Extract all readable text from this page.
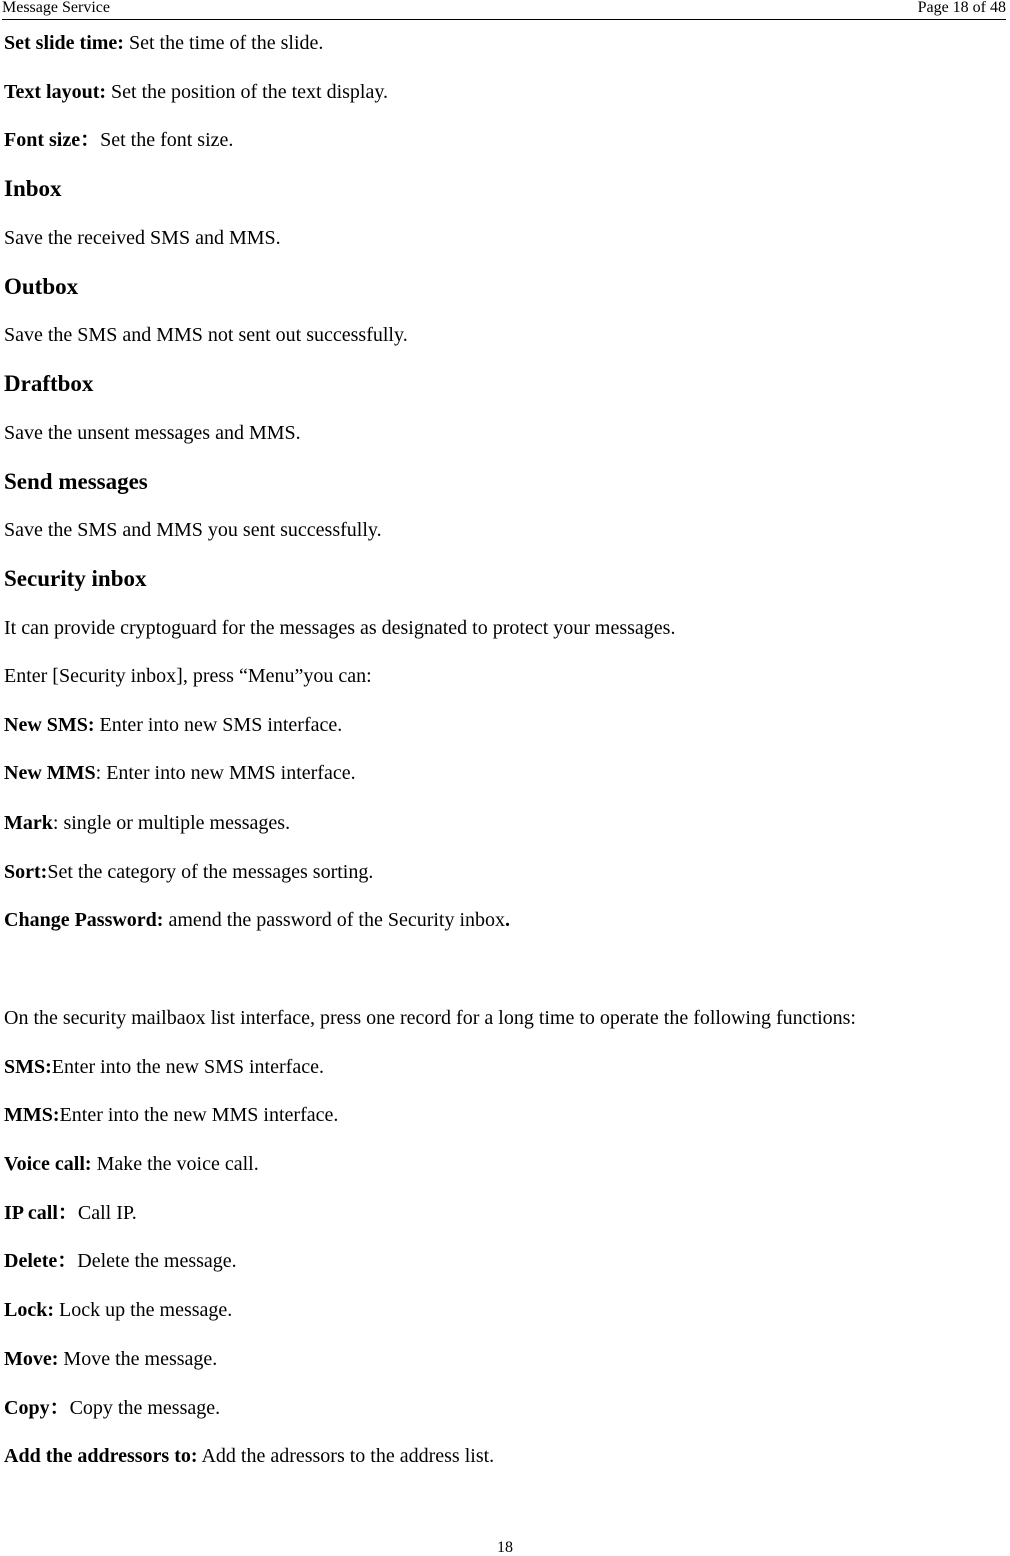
Message Service	Page 18 of 48
Set slide time: Set the time of the slide.
Text layout: Set the position of the text display.
Font size：Set the font size.
Inbox
Save the received SMS and MMS.
Outbox
Save the SMS and MMS not sent out successfully.
Draftbox
Save the unsent messages and MMS.
Send messages
Save the SMS and MMS you sent successfully.
Security inbox
It can provide cryptoguard for the messages as designated to protect your messages.
Enter [Security inbox], press “Menu”you can:
New SMS: Enter into new SMS interface.
New MMS: Enter into new MMS interface.
Mark: single or multiple messages.
Sort:Set the category of the messages sorting.
Change Password: amend the password of the Security inbox.
On the security mailbaox list interface, press one record for a long time to operate the following functions:
SMS:Enter into the new SMS interface.
MMS:Enter into the new MMS interface.
Voice call: Make the voice call.
IP call：Call IP.
Delete：Delete the message.
Lock: Lock up the message.
Move: Move the message.
Copy：Copy the message.
Add the addressors to: Add the adressors to the address list.
18
